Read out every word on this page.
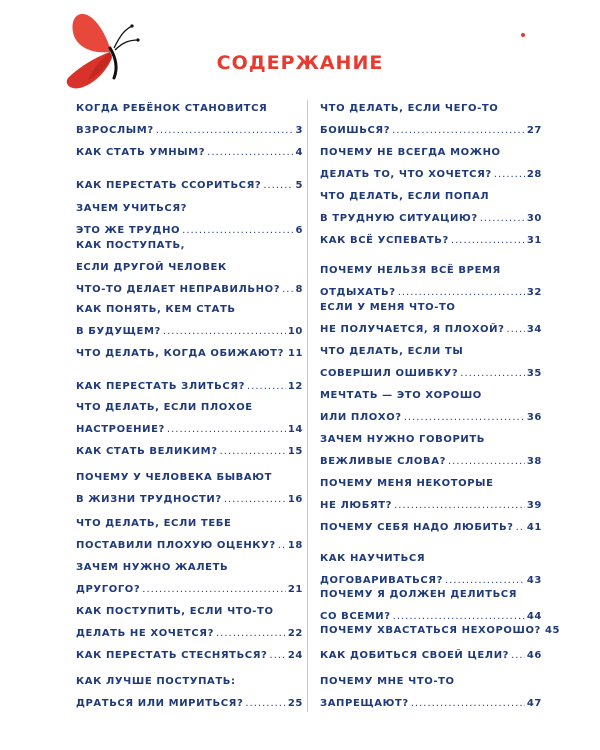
СОДЕРЖАНИЕ
КОГДА РЕБЁНОК СТАНОВИТСЯ
ВЗРОСЛЫМ? .....	3
КАК СТАТЬ УМНЫМ? .....	4
КАК ПЕРЕСТАТЬ ССОРИТЬСЯ? .....	5
ЗАЧЕМ УЧИТЬСЯ?
ЭТО ЖЕ ТРУДНО .....	6
КАК ПОСТУПАТЬ,
ЕСЛИ ДРУГОЙ ЧЕЛОВЕК
ЧТО-ТО ДЕЛАЕТ НЕПРАВИЛЬНО? ..... 8
КАК ПОНЯТЬ, КЕМ СТАТЬ
В БУДУЩЕМ? .....	10
ЧТО ДЕЛАТЬ, КОГДА ОБИЖАЮТ? 11
КАК ПЕРЕСТАТЬ ЗЛИТЬСЯ? .....	12
ЧТО ДЕЛАТЬ, ЕСЛИ ПЛОХОЕ
НАСТРОЕНИЕ? .....	14
КАК СТАТЬ ВЕЛИКИМ? .....	15
ПОЧЕМУ У ЧЕЛОВЕКА БЫВАЮТ
В ЖИЗНИ ТРУДНОСТИ? .....	16
ЧТО ДЕЛАТЬ, ЕСЛИ ТЕБЕ
ПОСТАВИЛИ ПЛОХУЮ ОЦЕНКУ? ..... 18
ЗАЧЕМ НУЖНО ЖАЛЕТЬ
ДРУГОГО? .....	21
КАК ПОСТУПИТЬ, ЕСЛИ ЧТО-ТО
ДЕЛАТЬ НЕ ХОЧЕТСЯ? .....	22
КАК ПЕРЕСТАТЬ СТЕСНЯТЬСЯ? ..... 24
КАК ЛУЧШЕ ПОСТУПАТЬ:
ДРАТЬСЯ ИЛИ МИРИТЬСЯ? .....	25
ЧТО ДЕЛАТЬ, ЕСЛИ ЧЕГО-ТО
БОИШЬСЯ? .....	27
ПОЧЕМУ НЕ ВСЕГДА МОЖНО
ДЕЛАТЬ ТО, ЧТО ХОЧЕТСЯ? .....	28
ЧТО ДЕЛАТЬ, ЕСЛИ ПОПАЛ
В ТРУДНУЮ СИТУАЦИЮ? .....	30
КАК ВСЁ УСПЕВАТЬ? .....	31
ПОЧЕМУ НЕЛЬЗЯ ВСЁ ВРЕМЯ
ОТДЫХАТЬ? .....	32
ЕСЛИ У МЕНЯ ЧТО-ТО
НЕ ПОЛУЧАЕТСЯ, Я ПЛОХОЙ? ..... 34
ЧТО ДЕЛАТЬ, ЕСЛИ ТЫ
СОВЕРШИЛ ОШИБКУ? .....	35
МЕЧТАТЬ — ЭТО ХОРОШО
ИЛИ ПЛОХО? .....	36
ЗАЧЕМ НУЖНО ГОВОРИТЬ
ВЕЖЛИВЫЕ СЛОВА? .....	38
ПОЧЕМУ МЕНЯ НЕКОТОРЫЕ
НЕ ЛЮБЯТ? .....	39
ПОЧЕМУ СЕБЯ НАДО ЛЮБИТЬ? ..... 41
КАК НАУЧИТЬСЯ
ДОГОВАРИВАТЬСЯ? .....	43
ПОЧЕМУ Я ДОЛЖЕН ДЕЛИТЬСЯ
СО ВСЕМИ? .....	44
ПОЧЕМУ ХВАСТАТЬСЯ НЕХОРОШО? 45
КАК ДОБИТЬСЯ СВОЕЙ ЦЕЛИ? ..... 46
ПОЧЕМУ МНЕ ЧТО-ТО
ЗАПРЕЩАЮТ? .....	47
